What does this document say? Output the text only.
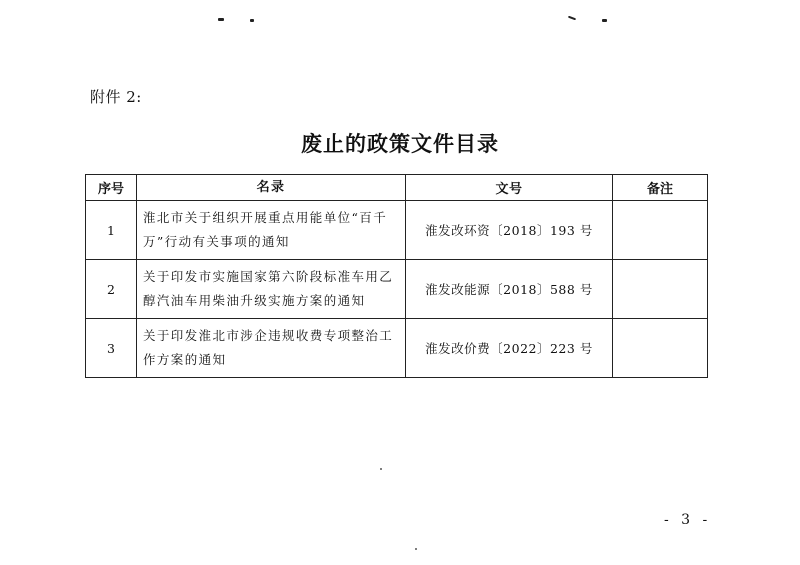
附件 2:
废止的政策文件目录
序号	名录	文号	备注
1	淮北市关于组织开展重点用能单位“百千万”行动有关事项的通知	淮发改环资〔2018〕193 号	
2	关于印发市实施国家第六阶段标准车用乙醇汽油车用柴油升级实施方案的通知	淮发改能源〔2018〕588 号	
3	关于印发淮北市涉企违规收费专项整治工作方案的通知	淮发改价费〔2022〕223 号	
- 3 -
